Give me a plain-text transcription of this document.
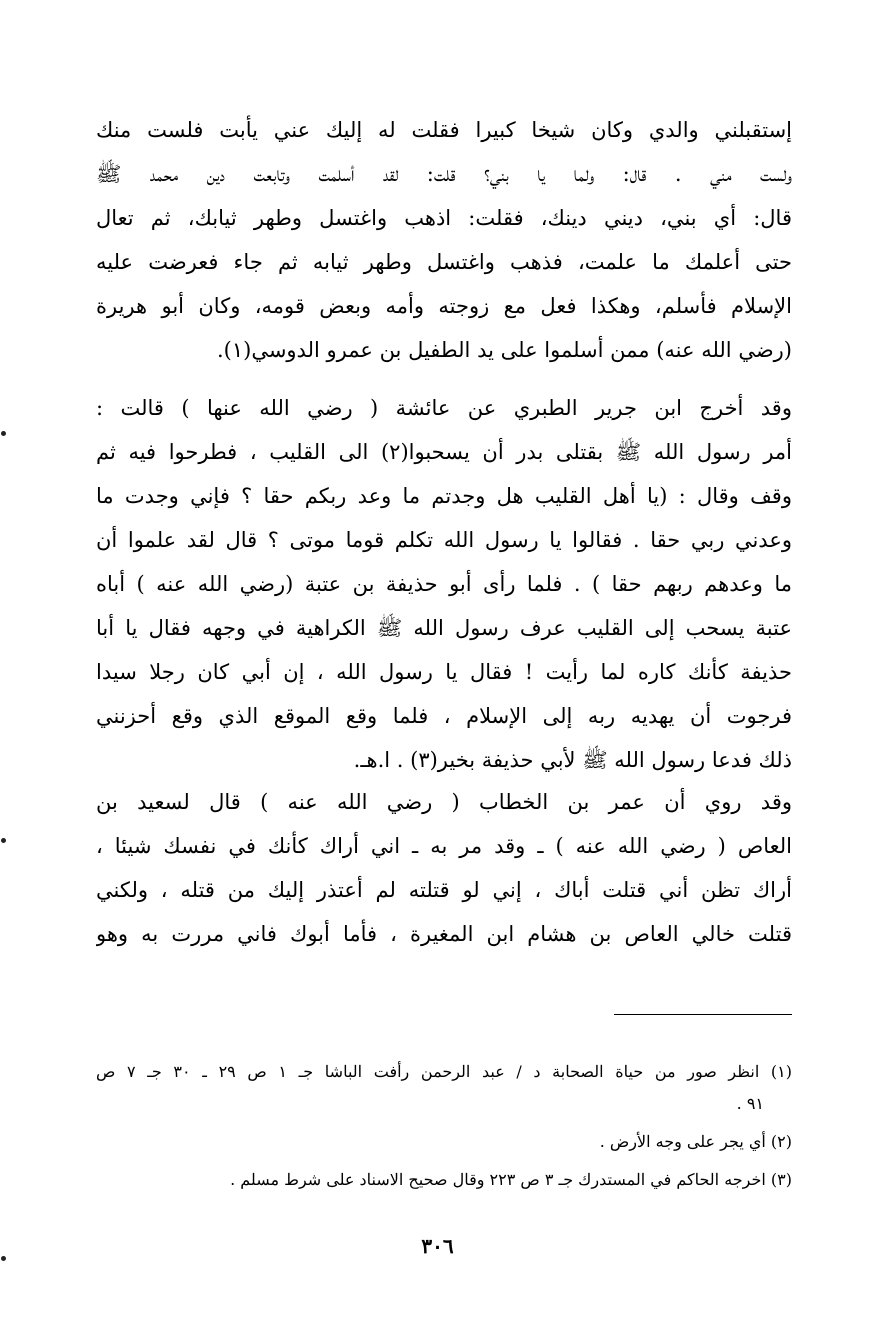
إستقبلني والدي وكان شيخا كبيرا فقلت له إليك عني يأبت فلست منك
ولست مني . قال: ولما يا بني؟ قلت: لقد أسلمت وتابعت دين محمد ﷺ
قال: أي بني، ديني دينك، فقلت: اذهب واغتسل وطهر ثيابك، ثم تعال
حتى أعلمك ما علمت، فذهب واغتسل وطهر ثيابه ثم جاء فعرضت عليه
الإسلام فأسلم، وهكذا فعل مع زوجته وأمه وبعض قومه، وكان أبو هريرة
(رضي الله عنه) ممن أسلموا على يد الطفيل بن عمرو الدوسي(١).
وقد أخرج ابن جرير الطبري عن عائشة ( رضي الله عنها ) قالت :
أمر رسول الله ﷺ بقتلى بدر أن يسحبوا(٢) الى القليب ، فطرحوا فيه ثم
وقف وقال : (يا أهل القليب هل وجدتم ما وعد ربكم حقا ؟ فإني وجدت ما
وعدني ربي حقا . فقالوا يا رسول الله تكلم قوما موتى ؟ قال لقد علموا أن
ما وعدهم ربهم حقا ) . فلما رأى أبو حذيفة بن عتبة (رضي الله عنه ) أباه
عتبة يسحب إلى القليب عرف رسول الله ﷺ الكراهية في وجهه فقال يا أبا
حذيفة كأنك كاره لما رأيت ! فقال يا رسول الله ، إن أبي كان رجلا سيدا
فرجوت أن يهديه ربه إلى الإسلام ، فلما وقع الموقع الذي وقع أحزنني
ذلك فدعا رسول الله ﷺ لأبي حذيفة بخير(٣) . ا.هـ.
وقد روي أن عمر بن الخطاب ( رضي الله عنه ) قال لسعيد بن
العاص ( رضي الله عنه ) ـ وقد مر به ـ اني أراك كأنك في نفسك شيئا ،
أراك تظن أني قتلت أباك ، إني لو قتلته لم أعتذر إليك من قتله ، ولكني
قتلت خالي العاص بن هشام ابن المغيرة ، فأما أبوك فاني مررت به وهو
(١) انظر صور من حياة الصحابة د / عبد الرحمن رأفت الباشا جـ ١ ص ٢٩ ـ ٣٠ جـ ٧ ص
٩١ .
(٢) أي يجر على وجه الأرض .
(٣) اخرجه الحاكم في المستدرك جـ ٣ ص ٢٢٣ وقال صحيح الاسناد على شرط مسلم .
٣٠٦
